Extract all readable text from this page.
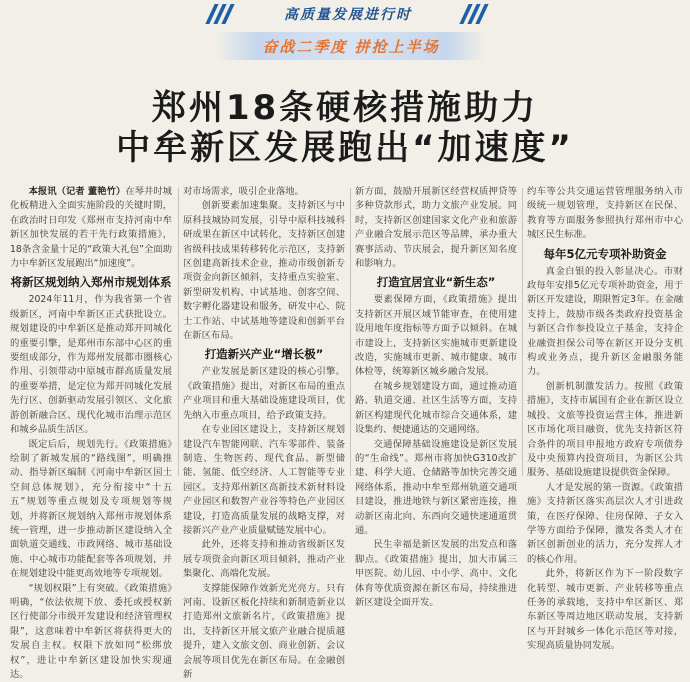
高质量发展进行时
奋战二季度 拼抢上半场
郑州18条硬核措施助力
中牟新区发展跑出“加速度”

本报讯（记者 董艳竹）在琴井时城化板精进入全面实施阶段的关键时期，在政治时日印发《郑州市支持河南中牟新区加快发展的若干先行政策措施》，18条含金量十足的“政策大礼包”全面助力中牟新区发展跑出“加速度”。

将新区规划纳入郑州市规划体系

2024年11月，作为我省第一个省级新区，河南中牟新区正式获批设立。规划建设的中牟新区是推动郑开同城化的重要引擎，是郑州市东部中心区的重要组成部分，作为郑州发展都市圈核心作用、引领带动中原城市群高质量发展的重要举措，是定位为郑开同城化发展先行区、创新驱动发展引领区、文化旅游创新融合区、现代化城市治理示范区和城乡品质生活区。

既定后后，规划先行。《政策措施》绘制了新城发展的“路线图”，明确推动、指导新区编制《河南中牟新区国土空间总体规划》，充分衔接中“十五五”规划等重点规划及专项规划等规划，并将新区规划纳入郑州市规划体系统一管理，进一步推动新区建设纳入全面轨道交通线、市政网络、城市基础设施、中心城市功能配套等各项规划，并在规划建设中能更高效地等专项规划。

“规划权限”上有突破。《政策措施》明确，“依法依规下放、委托或授权新区行使部分市级开发建设和经济管理权限”，这意味着中牟新区将获得更大的发展自主权。权限下放如同“松绑放权”，进让中牟新区建设加快实现通达。

对市场需求，吸引企业落地。

创新要素加速集聚。支持新区与中原科技城协同发展，引导中原科技城科研成果在新区中试转化，支持新区创建省级科技成果转移转化示范区，支持新区创建高新技术企业，推动市级创新专项资金向新区倾斜，支持重点实验室、新型研发机构、中试基地、创客空间、数字孵化器建设和服务，研发中心、院士工作站、中试基地等建设和创新平台在新区布局。

打造新兴产业“增长极”

产业发展是新区建设的核心引擎。《政策措施》提出，对新区布局的重点产业项目和重大基础设施建设项目，优先纳入市重点项目，给予政策支持。

在专业园区建设上，支持新区规划建设汽车智能网联、汽车零部件、装备制造、生物医药、现代食品、新型储能、氢能、低空经济、人工智能等专业园区。支持郑州新区高新技术新材料设产业园区和数智产业谷等特色产业园区建设，打造高质量发展的战略支撑，对接新兴产业产业质量赋链发展中心。

此外，还将支持和推动省级新区发展专项资金向新区项目倾斜，推动产业集聚化、高端化发展。

支撑能保障作效新光光亮方。只有河南、设新区板化持续和新制造新业以打造郑州文旅新名片，《政策措施》提出，支持新区开展文旅产业融合提质越提升，建入文旅文创、商业创新、会议会展等项目优先在新区布局。在金融创新

新方面，鼓励开展新区经营权质押贷等多种贷款形式，助力文旅产业发展。同时，支持新区创建国家文化产业和旅游产业融合发展示范区等品牌，承办重大赛事活动、节庆展会，提升新区知名度和影响力。

打造宜居宜业“新生态”

要素保障方面，《政策措施》提出支持新区开展区域节能审查，在使用建设用地年度指标等方面予以倾斜。在城市建设上，支持新区实施城市更新建设改造，实施城市更新、城市健康、城市体检等，统筹新区城乡融合发展。

在城乡规划建设方面，通过推动道路、轨道交通、社区生活等方面，支持新区构建现代化城市综合交通体系，建设集约、便捷通达的交通网络。

交通保障基础设施建设是新区发展的“生命线”。郑州市将加快G310改扩建、科学大道、仓储路等加快完善交通网络体系，推动中牟至郑州轨道交通项目建设，推进地铁与新区紧密连接，推动新区南北向、东西向交通快速通道贯通。

民生幸福是新区发展的出发点和落脚点。《政策措施》提出，加大市属三甲医院、幼儿园、中小学、高中、文化体育等优质资源在新区布局，持续推进新区建设全面开发。

约车等公共交通运营管理服务纳入市级统一规划管理，支持新区在民保、教育等方面服务参照执行郑州市中心城区民生标准。

每年5亿元专项补助资金

真金白银的投入彰显决心。市财政每年安排5亿元专项补助资金，用于新区开发建设，期限暂定3年。在金融支持上，鼓励市级各类政府投资基金与新区合作参投设立子基金，支持企业融资担保公司等在新区开设分支机构或业务点，提升新区金融服务能力。

创新机制激发活力。按照《政策措施》，支持市属国有企业在新区设立城投、文旅等投资运营主体，推进新区市场化项目融资，优先支持新区符合条件的项目申报地方政府专项债券及中央预算内投资项目，为新区公共服务、基础设施建设提供资金保障。

人才是发展的第一资源。《政策措施》支持新区落实高层次人才引进政策，在医疗保障、住房保障、子女入学等方面给予保障，激发各类人才在新区创新创业的活力，充分发挥人才的核心作用。

此外，将新区作为下一阶段数字化转型、城市更新、产业转移等重点任务的承载地，支持中牟区新区、郑东新区等周边地区联动发展，支持新区与开封城乡一体化示范区等对接，实现高质量协同发展。
